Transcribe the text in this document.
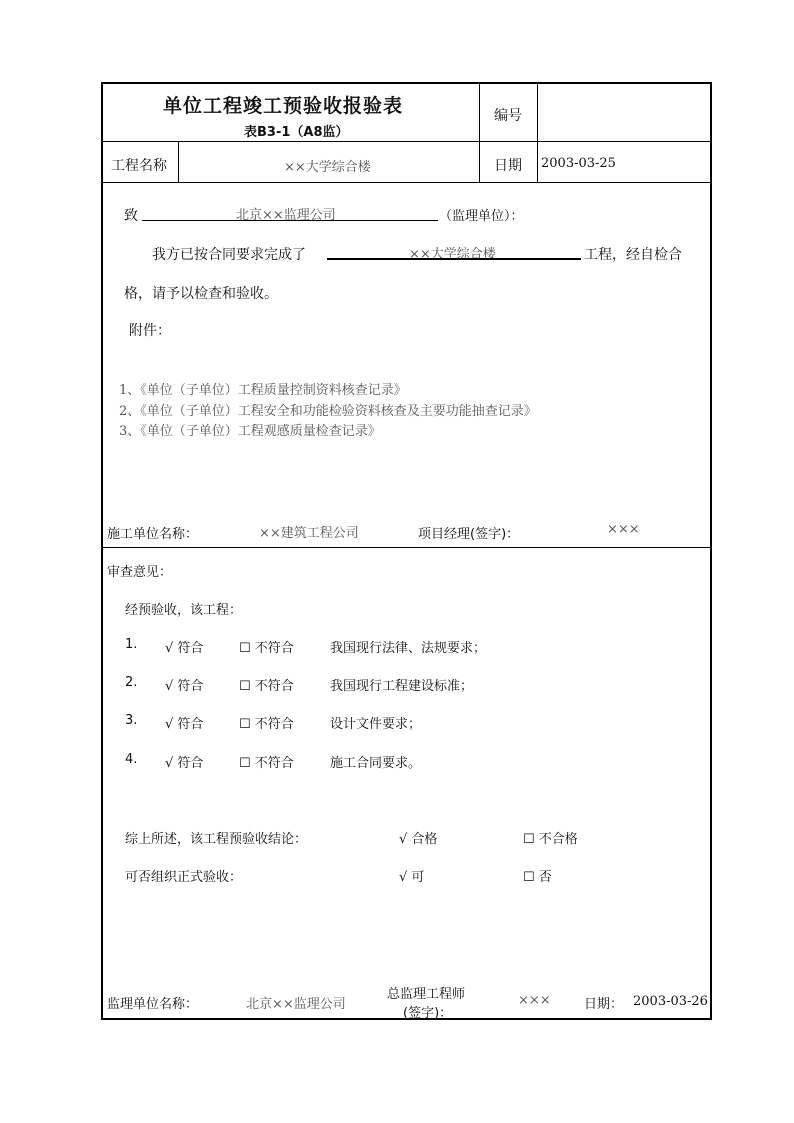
单位工程竣工预验收报验表
表B3-1（A8监）
编号
工程名称	××大学综合楼	日期 2003-03-25
致	北京××监理公司	（监理单位）：
我方已按合同要求完成了	××大学综合楼	工程，经自检合
格，请予以检查和验收。
附件：
1、《单位（子单位）工程质量控制资料核查记录》
2、《单位（子单位）工程安全和功能检验资料核查及主要功能抽查记录》
3、《单位（子单位）工程观感质量检查记录》
施工单位名称：	××建筑工程公司	项目经理(签字)：	×××
审查意见：
经预验收，该工程：
1. √ 符合	☐ 不符合	我国现行法律、法规要求；
2. √ 符合	☐ 不符合	我国现行工程建设标准；
3. √ 符合	☐ 不符合	设计文件要求；
4. √ 符合	☐ 不符合	施工合同要求。
综上所述，该工程预验收结论：	√ 合格	☐ 不合格
可否组织正式验收：	√ 可	☐ 否
监理单位名称：	北京××监理公司
总监理工程师
(签字)：
×××	日期： 2003-03-26
